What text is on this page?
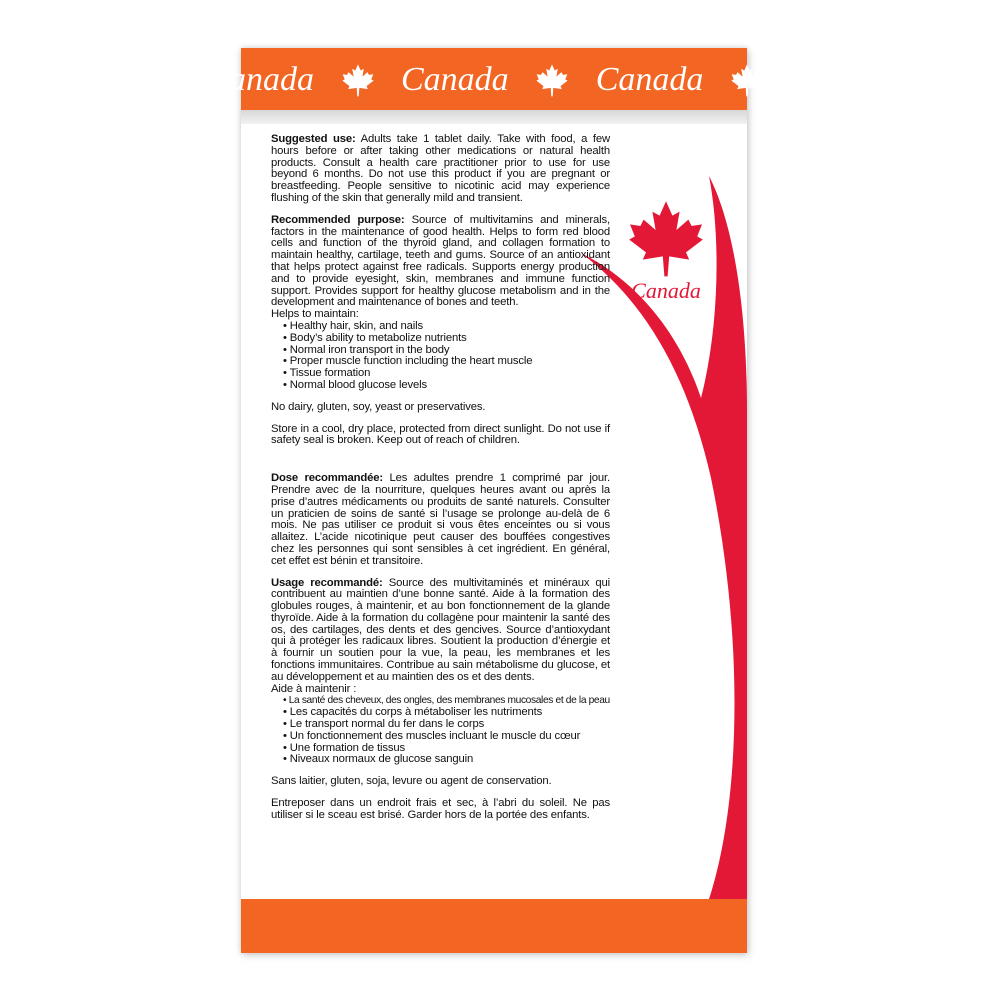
anada	Canada	Canada	Ca
Canada

Suggested use: Adults take 1 tablet daily. Take with food, a few hours before or after taking other medications or natural health products. Consult a health care practitioner prior to use for use beyond 6 months. Do not use this product if you are pregnant or breastfeeding. People sensitive to nicotinic acid may experience flushing of the skin that generally mild and transient.

Recommended purpose: Source of multivitamins and minerals, factors in the maintenance of good health. Helps to form red blood cells and function of the thyroid gland, and collagen formation to maintain healthy, cartilage, teeth and gums. Source of an antioxidant that helps protect against free radicals. Supports energy production and to provide eyesight, skin, membranes and immune function support. Provides support for healthy glucose metabolism and in the development and maintenance of bones and teeth.

Helps to maintain:

• Healthy hair, skin, and nails
• Body’s ability to metabolize nutrients
• Normal iron transport in the body
• Proper muscle function including the heart muscle
• Tissue formation
• Normal blood glucose levels

No dairy, gluten, soy, yeast or preservatives.

Store in a cool, dry place, protected from direct sunlight. Do not use if safety seal is broken. Keep out of reach of children.

Dose recommandée: Les adultes prendre 1 comprimé par jour. Prendre avec de la nourriture, quelques heures avant ou après la prise d’autres médicaments ou produits de santé naturels. Consulter un praticien de soins de santé si l’usage se prolonge au-delà de 6 mois. Ne pas utiliser ce produit si vous êtes enceintes ou si vous allaitez. L’acide nicotinique peut causer des bouffées congestives chez les personnes qui sont sensibles à cet ingrédient. En général, cet effet est bénin et transitoire.

Usage recommandé: Source des multivitaminés et minéraux qui contribuent au maintien d’une bonne santé. Aide à la formation des globules rouges, à maintenir, et au bon fonctionnement de la glande thyroïde. Aide à la formation du collagène pour maintenir la santé des os, des cartilages, des dents et des gencives. Source d’antioxydant qui à protéger les radicaux libres. Soutient la production d’énergie et à fournir un soutien pour la vue, la peau, les membranes et les fonctions immunitaires. Contribue au sain métabolisme du glucose, et au développement et au maintien des os et des dents.

Aide à maintenir :

• La santé des cheveux, des ongles, des membranes mucosales et de la peau
• Les capacités du corps à métaboliser les nutriments
• Le transport normal du fer dans le corps
• Un fonctionnement des muscles incluant le muscle du cœur
• Une formation de tissus
• Niveaux normaux de glucose sanguin

Sans laitier, gluten, soja, levure ou agent de conservation.

Entreposer dans un endroit frais et sec, à l’abri du soleil. Ne pas utiliser si le sceau est brisé. Garder hors de la portée des enfants.
